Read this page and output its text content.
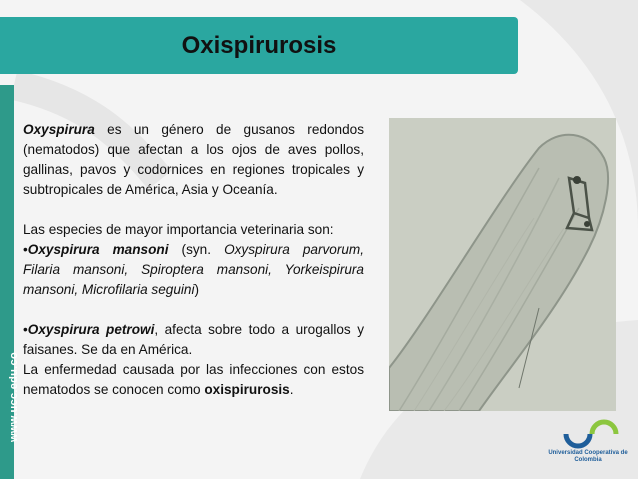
www.ucc.edu.co
Oxispirurosis

Oxyspirura es un género de gusanos redondos (nematodos) que afectan a los ojos de aves pollos, gallinas, pavos y codornices en regiones tropicales y subtropicales de América, Asia y Oceanía.

Las especies de mayor importancia veterinaria son:
•Oxyspirura mansoni (syn. Oxyspirura parvorum, Filaria mansoni, Spiroptera mansoni, Yorkeispirura mansoni, Microfilaria seguini)

•Oxyspirura petrowi, afecta sobre todo a urogallos y faisanes. Se da en América.
La enfermedad causada por las infecciones con estos nematodos se conocen como oxispirurosis.

Universidad Cooperativa de Colombia
